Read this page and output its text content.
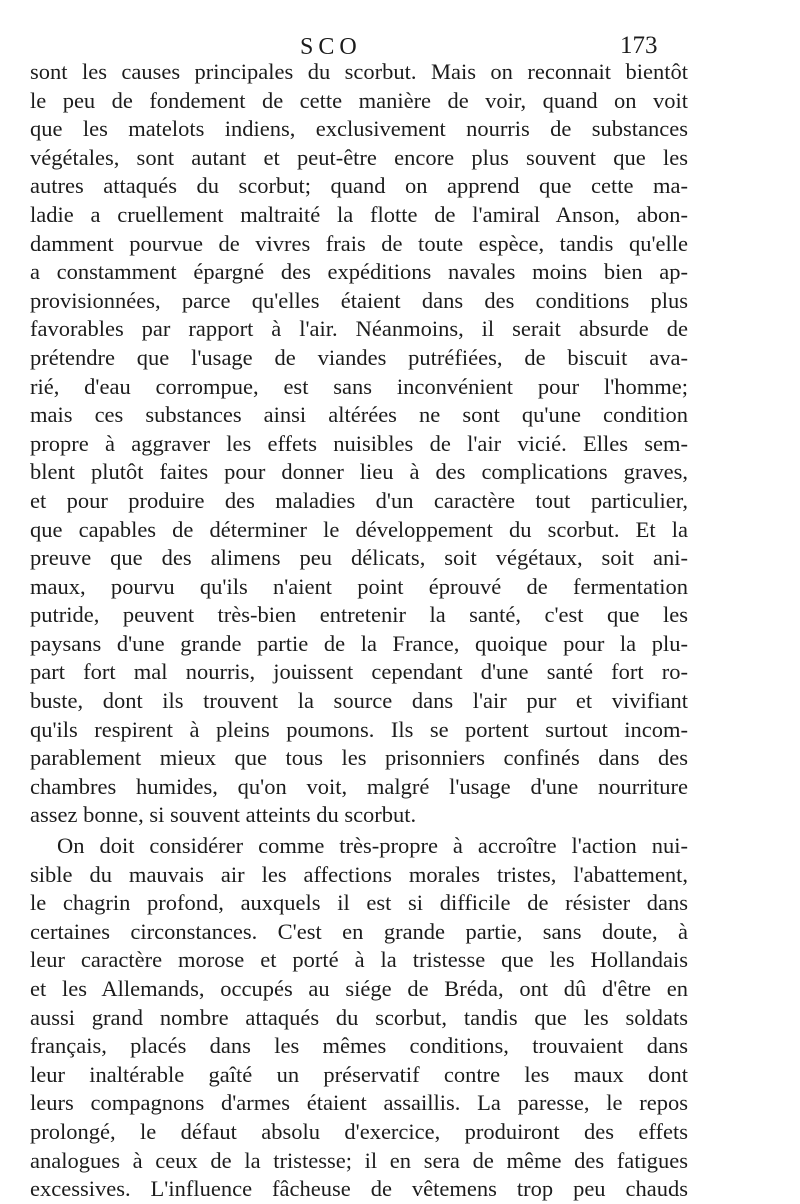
SCO	173
sont les causes principales du scorbut. Mais on reconnait bientôt
le peu de fondement de cette manière de voir, quand on voit
que les matelots indiens, exclusivement nourris de substances
végétales, sont autant et peut-être encore plus souvent que les
autres attaqués du scorbut; quand on apprend que cette ma-
ladie a cruellement maltraité la flotte de l'amiral Anson, abon-
damment pourvue de vivres frais de toute espèce, tandis qu'elle
a constamment épargné des expéditions navales moins bien ap-
provisionnées, parce qu'elles étaient dans des conditions plus
favorables par rapport à l'air. Néanmoins, il serait absurde de
prétendre que l'usage de viandes putréfiées, de biscuit ava-
rié, d'eau corrompue, est sans inconvénient pour l'homme;
mais ces substances ainsi altérées ne sont qu'une condition
propre à aggraver les effets nuisibles de l'air vicié. Elles sem-
blent plutôt faites pour donner lieu à des complications graves,
et pour produire des maladies d'un caractère tout particulier,
que capables de déterminer le développement du scorbut. Et la
preuve que des alimens peu délicats, soit végétaux, soit ani-
maux, pourvu qu'ils n'aient point éprouvé de fermentation
putride, peuvent très-bien entretenir la santé, c'est que les
paysans d'une grande partie de la France, quoique pour la plu-
part fort mal nourris, jouissent cependant d'une santé fort ro-
buste, dont ils trouvent la source dans l'air pur et vivifiant
qu'ils respirent à pleins poumons. Ils se portent surtout incom-
parablement mieux que tous les prisonniers confinés dans des
chambres humides, qu'on voit, malgré l'usage d'une nourriture
assez bonne, si souvent atteints du scorbut.
On doit considérer comme très-propre à accroître l'action nui-
sible du mauvais air les affections morales tristes, l'abattement,
le chagrin profond, auxquels il est si difficile de résister dans
certaines circonstances. C'est en grande partie, sans doute, à
leur caractère morose et porté à la tristesse que les Hollandais
et les Allemands, occupés au siége de Bréda, ont dû d'être en
aussi grand nombre attaqués du scorbut, tandis que les soldats
français, placés dans les mêmes conditions, trouvaient dans
leur inaltérable gaîté un préservatif contre les maux dont
leurs compagnons d'armes étaient assaillis. La paresse, le repos
prolongé, le défaut absolu d'exercice, produiront des effets
analogues à ceux de la tristesse; il en sera de même des fatigues
excessives. L'influence fâcheuse de vêtemens trop peu chauds
